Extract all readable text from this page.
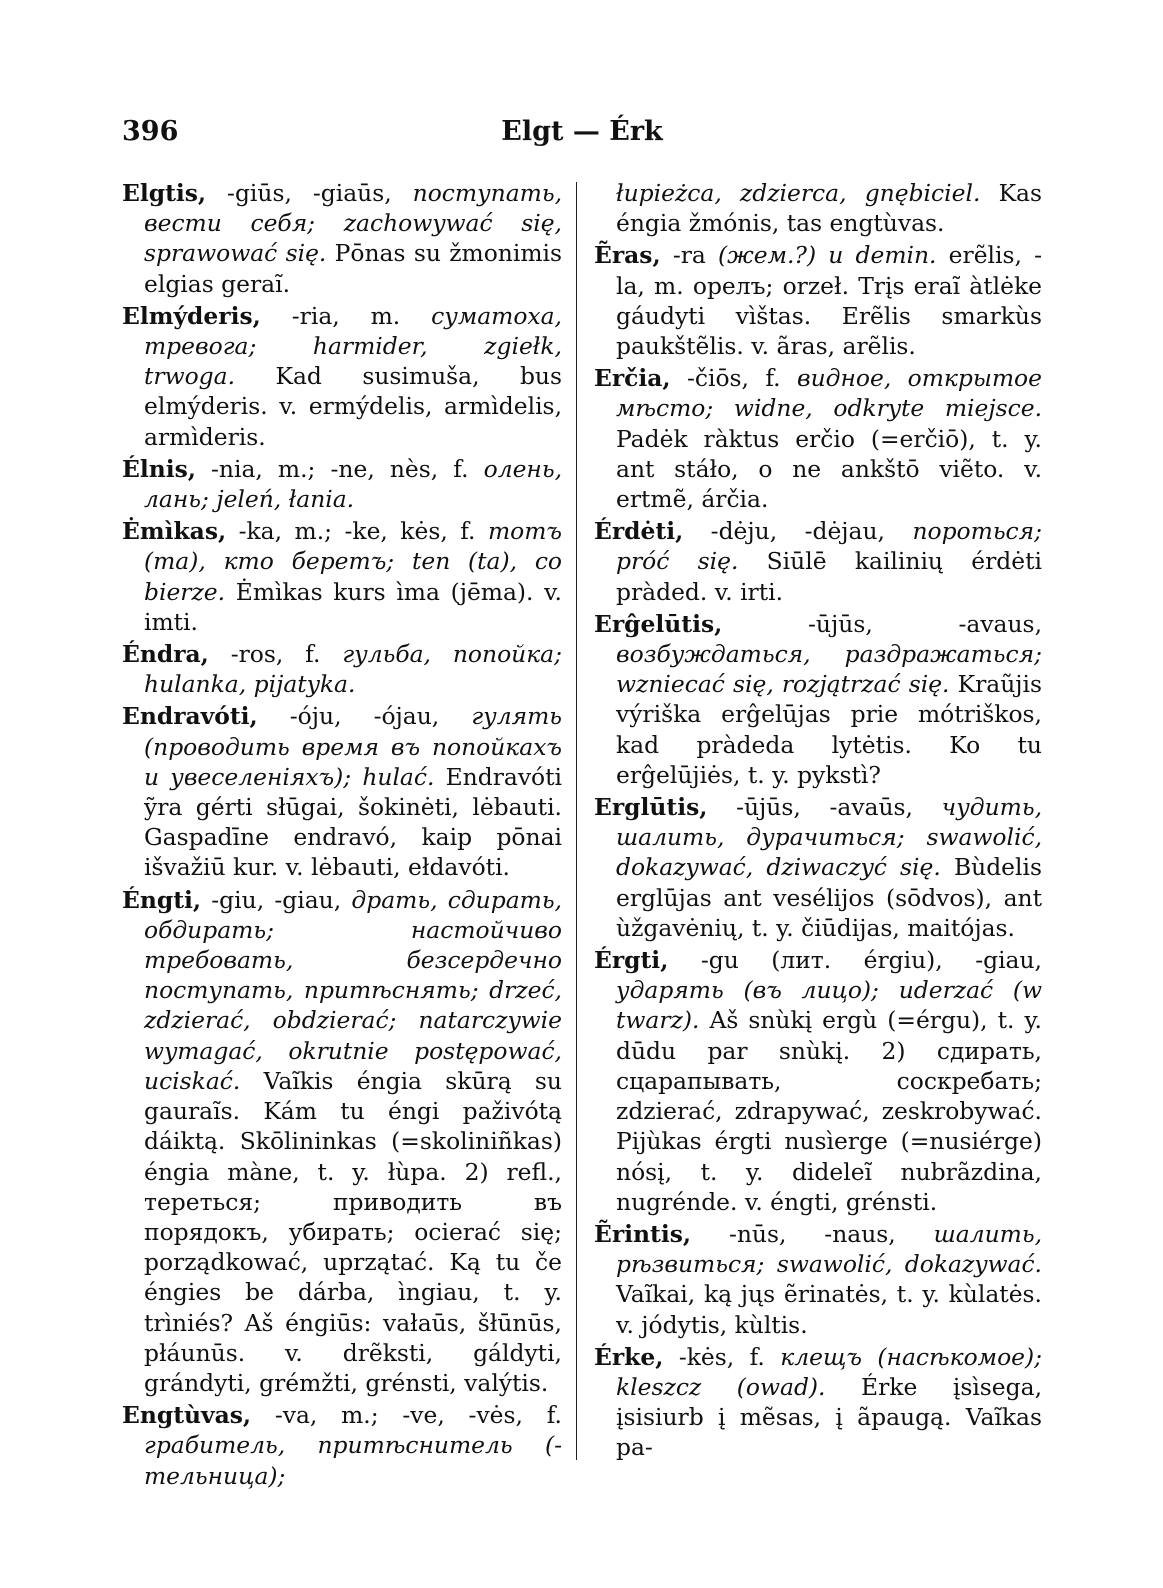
396	Elgt — Érk

Elgtis, -giūs, -giaūs, поступать, вести себя; zachowywać się, sprawować się. Pōnas su žmonimis elgias geraĩ.

Elmýderis, -ria, m. суматоха, тревога; harmider, zgiełk, trwoga. Kad susimuša, bus elmýderis. v. ermýdelis, armìdelis, armìderis.

Élnis, -nia, m.; -ne, nès, f. олень, лань; jeleń, łania.

Ėmìkas, -ka, m.; -ke, kės, f. тотъ (та), кто беретъ; ten (ta), co bierze. Ėmìkas kurs ìma (jēma). v. imti.

Éndra, -ros, f. гульба, попойка; hulanka, pijatyka.

Endravóti, -óju, -ójau, гулять (проводить время въ попойкахъ и увеселенiяхъ); hulać. Endravóti ỹra gérti słūgai, šokinėti, lėbauti. Gaspadīne endravó, kaip pōnai išvažiū kur. v. lėbauti, ełdavóti.

Éngti, -giu, -giau, драть, сдирать, обдирать; настойчиво требовать, безсердечно поступать, притѣснять; drzeć, zdzierać, obdzierać; natarczywie wymagać, okrutnie postępować, uciskać. Vaĩkis éngia skūrą su gauraĩs. Kám tu éngi paživótą dáiktą. Skōlininkas (=skoliniñkas) éngia màne, t. y. łùpa. 2) refl., тереться; приводить въ порядокъ, убирать; ocierać się; porządkować, uprzątać. Ką tu če éngies be dárba, ìngiau, t. y. trìniés? Aš éngiūs: vałaūs, šłūnūs, płáunūs. v. drẽksti, gáldyti, grándyti, grémžti, grénsti, valýtis.

Engtùvas, -va, m.; -ve, -vės, f. грабитель, притѣснитель (-тельница);

łupieżca, zdzierca, gnębiciel. Kas éngia žmónis, tas engtùvas.

Ẽras, -ra (жем.?) и demin. erẽlis, -la, m. орелъ; orzeł. Trįs eraĩ àtlėke gáudyti vìštas. Erẽlis smarkùs paukštẽlis. v. ãras, arẽlis.

Erčia, -čiōs, f. видное, открытое мѣсто; widne, odkryte miejsce. Padėk ràktus erčio (=erčiō), t. y. ant stáło, o ne ankštō viẽto. v. ertmẽ, árčia.

Érdėti, -dėju, -dėjau, пороться; próć się. Siūlē kailinių érdėti pràded. v. irti.

Erĝelūtis,	-ūjūs, -avaus, возбуждаться, раздражаться; wzniecać się, rozjątrzać się. Kraũjis výriška erĝelūjas prie mótriškos, kad pràdeda lytėtis. Ko tu erĝelūjiės, t. y. pykstì?

Erglūtis, -ūjūs, -avaūs, чудить, шалить, дурачиться; swawolić, dokazywać, dziwaczyć się. Bùdelis erglūjas ant vesélijos (sōdvos), ant ùžgavėnių, t. y. čiūdijas, maitójas.

Érgti, -gu (лит. érgiu), -giau, ударять (въ лицо); uderzać (w twarz). Aš snùkį ergù (=érgu), t. y. dūdu par snùkį. 2) сдирать, сцарапывать, соскребать; zdzierać, zdrapywać, zeskrobywać. Pijùkas érgti nusìerge (=nusiérge) nósį, t. y. dideleĩ nubrãzdina, nugrénde. v. éngti, grénsti.

Ẽrintis, -nūs, -naus, шалить, рѣзвиться; swawolić, dokazywać. Vaĩkai, ką jųs ẽrinatės, t. y. kùlatės. v. jódytis, kùltis.

Érke, -kės, f. клещъ (насѣкомое); kleszcz (owad). Érke įsìsega, įsisiurb į mẽsas, į ãpaugą. Vaĩkas pa-
